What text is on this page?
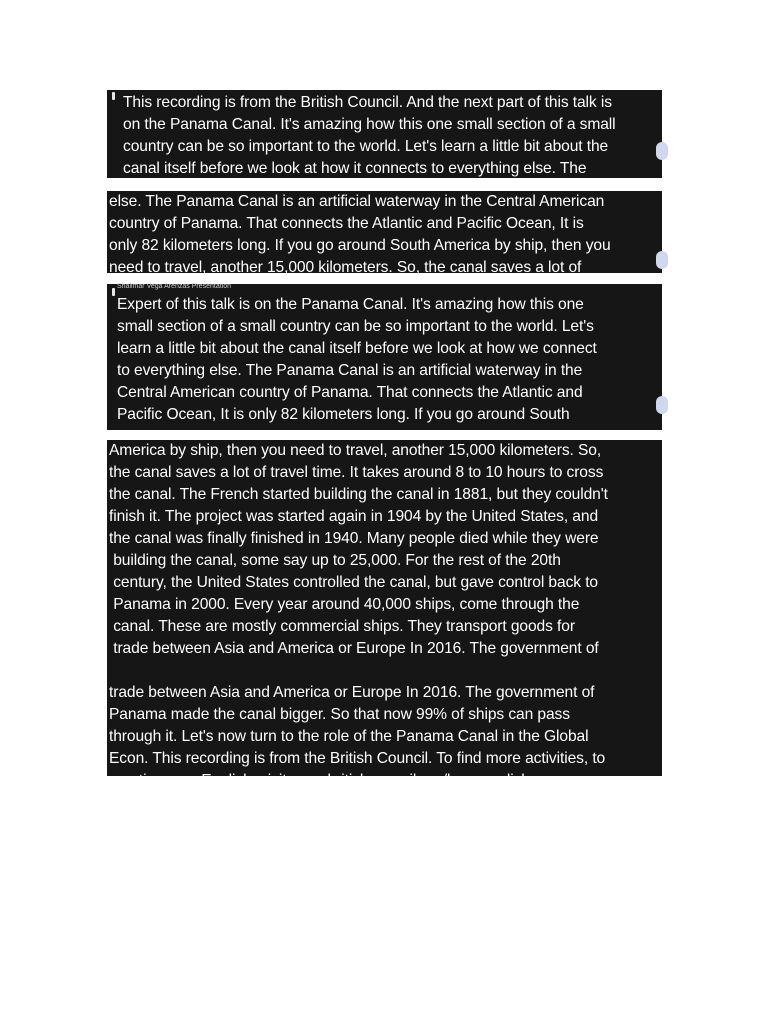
This recording is from the British Council. And the next part of this talk is
on the Panama Canal. It's amazing how this one small section of a small
country can be so important to the world. Let's learn a little bit about the
canal itself before we look at how it connects to everything else. The

else. The Panama Canal is an artificial waterway in the Central American
country of Panama. That connects the Atlantic and Pacific Ocean, It is
only 82 kilometers long. If you go around South America by ship, then you
need to travel, another 15,000 kilometers. So, the canal saves a lot of

Shalimar Vega Arenzas Presentation

Expert of this talk is on the Panama Canal. It's amazing how this one
small section of a small country can be so important to the world. Let's
learn a little bit about the canal itself before we look at how we connect
to everything else. The Panama Canal is an artificial waterway in the
Central American country of Panama. That connects the Atlantic and
Pacific Ocean, It is only 82 kilometers long. If you go around South

America by ship, then you need to travel, another 15,000 kilometers. So,
the canal saves a lot of travel time. It takes around 8 to 10 hours to cross
the canal. The French started building the canal in 1881, but they couldn't
finish it. The project was started again in 1904 by the United States, and
the canal was finally finished in 1940. Many people died while they were
building the canal, some say up to 25,000. For the rest of the 20th
century, the United States controlled the canal, but gave control back to
Panama in 2000. Every year around 40,000 ships, come through the
canal. These are mostly commercial ships. They transport goods for
trade between Asia and America or Europe In 2016. The government of

trade between Asia and America or Europe In 2016. The government of
Panama made the canal bigger. So that now 99% of ships can pass
through it. Let's now turn to the role of the Panama Canal in the Global
Econ. This recording is from the British Council. To find more activities, to
